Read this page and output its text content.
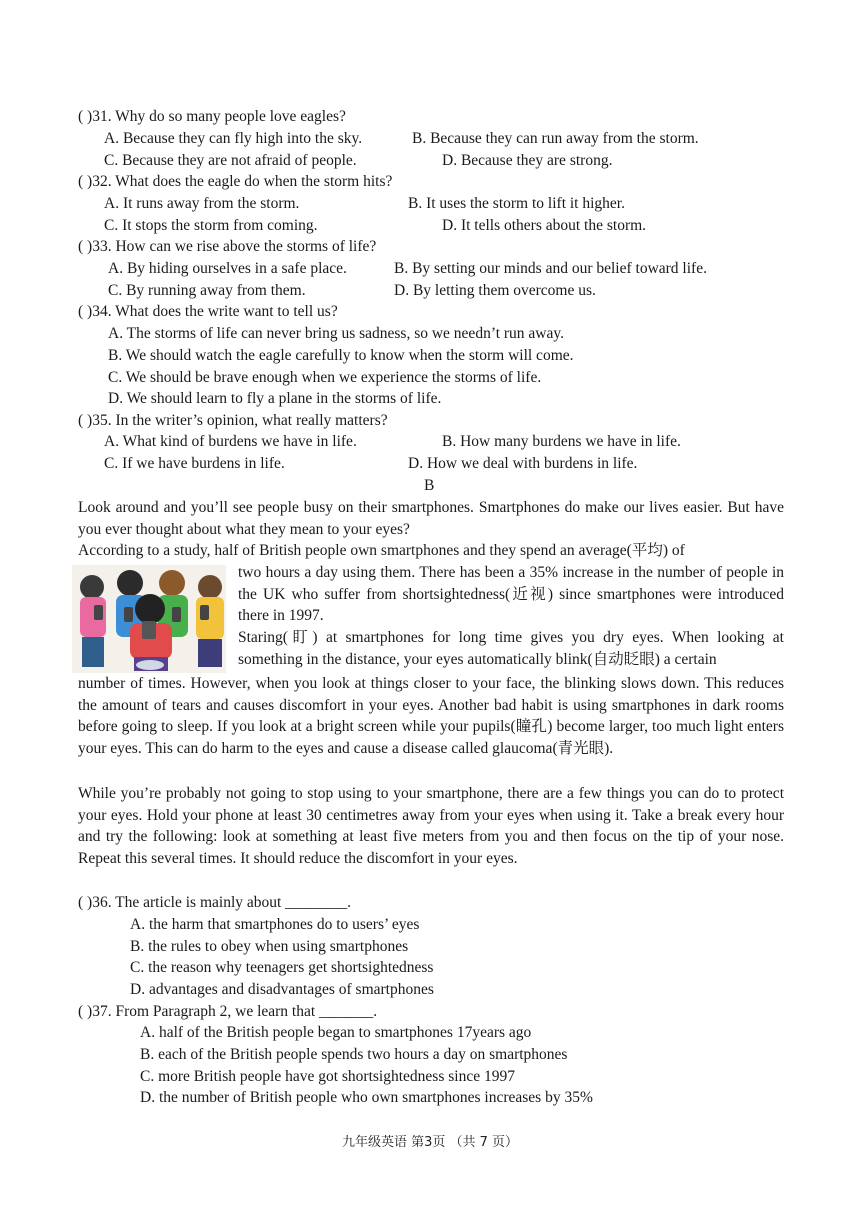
( )31. Why do so many people love eagles?
A. Because they can fly high into the sky.	B. Because they can run away from the storm.
C. Because they are not afraid of people.	D. Because they are strong.
( )32. What does the eagle do when the storm hits?
A. It runs away from the storm.	B. It uses the storm to lift it higher.
C. It stops the storm from coming.	D. It tells others about the storm.
( )33. How can we rise above the storms of life?
A. By hiding ourselves in a safe place.	B. By setting our minds and our belief toward life.
C. By running away from them.	D. By letting them overcome us.
( )34. What does the write want to tell us?
A. The storms of life can never bring us sadness, so we needn’t run away.
B. We should watch the eagle carefully to know when the storm will come.
C. We should be brave enough when we experience the storms of life.
D. We should learn to fly a plane in the storms of life.
( )35. In the writer’s opinion, what really matters?
A. What kind of burdens we have in life.	B. How many burdens we have in life.
C. If we have burdens in life.	D. How we deal with burdens in life.
B
Look around and you’ll see people busy on their smartphones. Smartphones do make our lives easier. But have you ever thought about what they mean to your eyes?
According to a study, half of British people own smartphones and they spend an average(平均) of
two hours a day using them. There has been a 35% increase in the number of people in the UK who suffer from shortsightedness(近视) since smartphones were introduced there in 1997.
Staring(盯) at smartphones for long time gives you dry eyes. When looking at something in the distance, your eyes automatically blink(自动眨眼) a certain
number of times. However, when you look at things closer to your face, the blinking slows down. This reduces the amount of tears and causes discomfort in your eyes. Another bad habit is using smartphones in dark rooms before going to sleep. If you look at a bright screen while your pupils(瞳孔) become larger, too much light enters your eyes. This can do harm to the eyes and cause a disease called glaucoma(青光眼).
While you’re probably not going to stop using to your smartphone, there are a few things you can do to protect your eyes. Hold your phone at least 30 centimetres away from your eyes when using it. Take a break every hour and try the following: look at something at least five meters from you and then focus on the tip of your nose. Repeat this several times. It should reduce the discomfort in your eyes.
( )36. The article is mainly about ________.
A. the harm that smartphones do to users’ eyes
B. the rules to obey when using smartphones
C. the reason why teenagers get shortsightedness
D. advantages and disadvantages of smartphones
( )37. From Paragraph 2, we learn that _______.
A. half of the British people began to smartphones 17years ago
B. each of the British people spends two hours a day on smartphones
C. more British people have got shortsightedness since 1997
D. the number of British people who own smartphones increases by 35%
九年级英语 第3页 （共 7 页）
